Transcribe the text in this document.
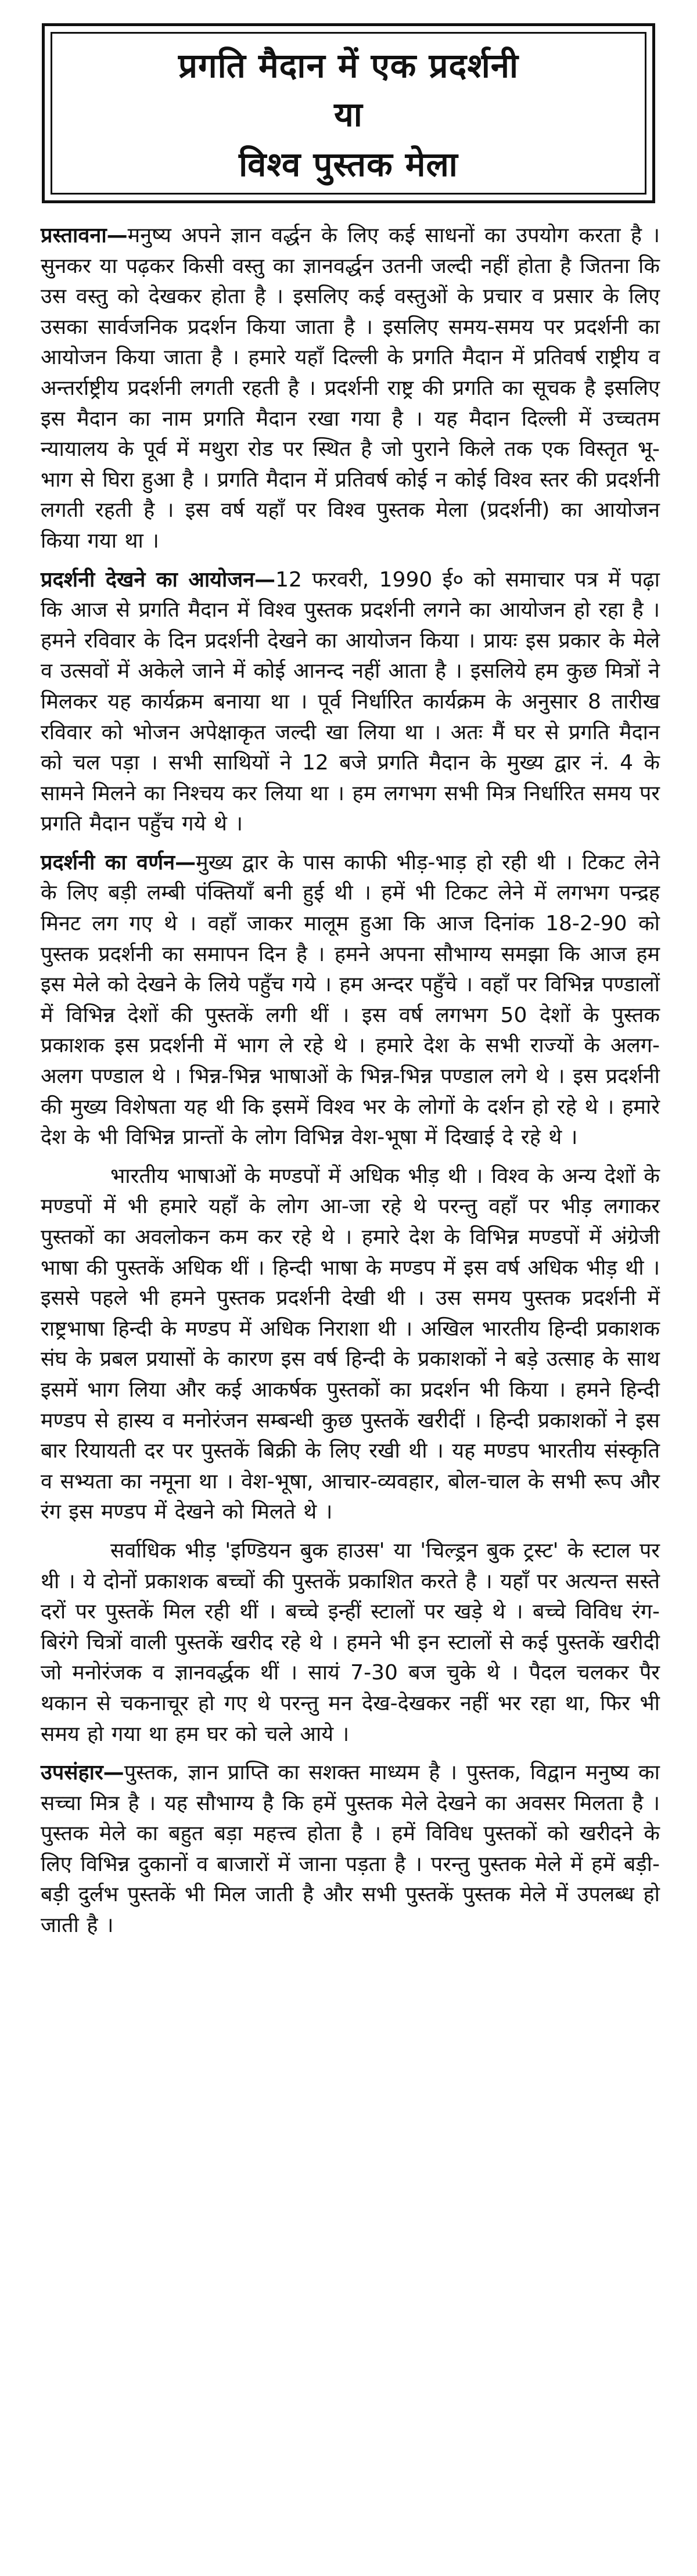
प्रगति मैदान में एक प्रदर्शनी
या
विश्व पुस्तक मेला

प्रस्तावना—मनुष्य अपने ज्ञान वर्द्धन के लिए कई साधनों का उपयोग करता है । सुनकर या पढ़कर किसी वस्तु का ज्ञानवर्द्धन उतनी जल्दी नहीं होता है जितना कि उस वस्तु को देखकर होता है । इसलिए कई वस्तुओं के प्रचार व प्रसार के लिए उसका सार्वजनिक प्रदर्शन किया जाता है । इसलिए समय-समय पर प्रदर्शनी का आयोजन किया जाता है । हमारे यहाँ दिल्ली के प्रगति मैदान में प्रतिवर्ष राष्ट्रीय व अन्तर्राष्ट्रीय प्रदर्शनी लगती रहती है । प्रदर्शनी राष्ट्र की प्रगति का सूचक है इसलिए इस मैदान का नाम प्रगति मैदान रखा गया है । यह मैदान दिल्ली में उच्चतम न्यायालय के पूर्व में मथुरा रोड पर स्थित है जो पुराने किले तक एक विस्तृत भू-भाग से घिरा हुआ है । प्रगति मैदान में प्रतिवर्ष कोई न कोई विश्व स्तर की प्रदर्शनी लगती रहती है । इस वर्ष यहाँ पर विश्व पुस्तक मेला (प्रदर्शनी) का आयोजन किया गया था ।

प्रदर्शनी देखने का आयोजन—12 फरवरी, 1990 ई० को समाचार पत्र में पढ़ा कि आज से प्रगति मैदान में विश्व पुस्तक प्रदर्शनी लगने का आयोजन हो रहा है । हमने रविवार के दिन प्रदर्शनी देखने का आयोजन किया । प्रायः इस प्रकार के मेले व उत्सवों में अकेले जाने में कोई आनन्द नहीं आता है । इसलिये हम कुछ मित्रों ने मिलकर यह कार्यक्रम बनाया था । पूर्व निर्धारित कार्यक्रम के अनुसार 8 तारीख रविवार को भोजन अपेक्षाकृत जल्दी खा लिया था । अतः मैं घर से प्रगति मैदान को चल पड़ा । सभी साथियों ने 12 बजे प्रगति मैदान के मुख्य द्वार नं. 4 के सामने मिलने का निश्चय कर लिया था । हम लगभग सभी मित्र निर्धारित समय पर प्रगति मैदान पहुँच गये थे ।

प्रदर्शनी का वर्णन—मुख्य द्वार के पास काफी भीड़-भाड़ हो रही थी । टिकट लेने के लिए बड़ी लम्बी पंक्तियाँ बनी हुई थी । हमें भी टिकट लेने में लगभग पन्द्रह मिनट लग गए थे । वहाँ जाकर मालूम हुआ कि आज दिनांक 18-2-90 को पुस्तक प्रदर्शनी का समापन दिन है । हमने अपना सौभाग्य समझा कि आज हम इस मेले को देखने के लिये पहुँच गये । हम अन्दर पहुँचे । वहाँ पर विभिन्न पण्डालों में विभिन्न देशों की पुस्तकें लगी थीं । इस वर्ष लगभग 50 देशों के पुस्तक प्रकाशक इस प्रदर्शनी में भाग ले रहे थे । हमारे देश के सभी राज्यों के अलग-अलग पण्डाल थे । भिन्न-भिन्न भाषाओं के भिन्न-भिन्न पण्डाल लगे थे । इस प्रदर्शनी की मुख्य विशेषता यह थी कि इसमें विश्व भर के लोगों के दर्शन हो रहे थे । हमारे देश के भी विभिन्न प्रान्तों के लोग विभिन्न वेश-भूषा में दिखाई दे रहे थे ।

भारतीय भाषाओं के मण्डपों में अधिक भीड़ थी । विश्व के अन्य देशों के मण्डपों में भी हमारे यहाँ के लोग आ-जा रहे थे परन्तु वहाँ पर भीड़ लगाकर पुस्तकों का अवलोकन कम कर रहे थे । हमारे देश के विभिन्न मण्डपों में अंग्रेजी भाषा की पुस्तकें अधिक थीं । हिन्दी भाषा के मण्डप में इस वर्ष अधिक भीड़ थी । इससे पहले भी हमने पुस्तक प्रदर्शनी देखी थी । उस समय पुस्तक प्रदर्शनी में राष्ट्रभाषा हिन्दी के मण्डप में अधिक निराशा थी । अखिल भारतीय हिन्दी प्रकाशक संघ के प्रबल प्रयासों के कारण इस वर्ष हिन्दी के प्रकाशकों ने बड़े उत्साह के साथ इसमें भाग लिया और कई आकर्षक पुस्तकों का प्रदर्शन भी किया । हमने हिन्दी मण्डप से हास्य व मनोरंजन सम्बन्धी कुछ पुस्तकें खरीदीं । हिन्दी प्रकाशकों ने इस बार रियायती दर पर पुस्तकें बिक्री के लिए रखी थी । यह मण्डप भारतीय संस्कृति व सभ्यता का नमूना था । वेश-भूषा, आचार-व्यवहार, बोल-चाल के सभी रूप और रंग इस मण्डप में देखने को मिलते थे ।

सर्वाधिक भीड़ 'इण्डियन बुक हाउस' या 'चिल्ड्रन बुक ट्रस्ट' के स्टाल पर थी । ये दोनों प्रकाशक बच्चों की पुस्तकें प्रकाशित करते है । यहाँ पर अत्यन्त सस्ते दरों पर पुस्तकें मिल रही थीं । बच्चे इन्हीं स्टालों पर खड़े थे । बच्चे विविध रंग-बिरंगे चित्रों वाली पुस्तकें खरीद रहे थे । हमने भी इन स्टालों से कई पुस्तकें खरीदी जो मनोरंजक व ज्ञानवर्द्धक थीं । सायं 7-30 बज चुके थे । पैदल चलकर पैर थकान से चकनाचूर हो गए थे परन्तु मन देख-देखकर नहीं भर रहा था, फिर भी समय हो गया था हम घर को चले आये ।

उपसंहार—पुस्तक, ज्ञान प्राप्ति का सशक्त माध्यम है । पुस्तक, विद्वान मनुष्य का सच्चा मित्र है । यह सौभाग्य है कि हमें पुस्तक मेले देखने का अवसर मिलता है । पुस्तक मेले का बहुत बड़ा महत्त्व होता है । हमें विविध पुस्तकों को खरीदने के लिए विभिन्न दुकानों व बाजारों में जाना पड़ता है । परन्तु पुस्तक मेले में हमें बड़ी-बड़ी दुर्लभ पुस्तकें भी मिल जाती है और सभी पुस्तकें पुस्तक मेले में उपलब्ध हो जाती है ।
